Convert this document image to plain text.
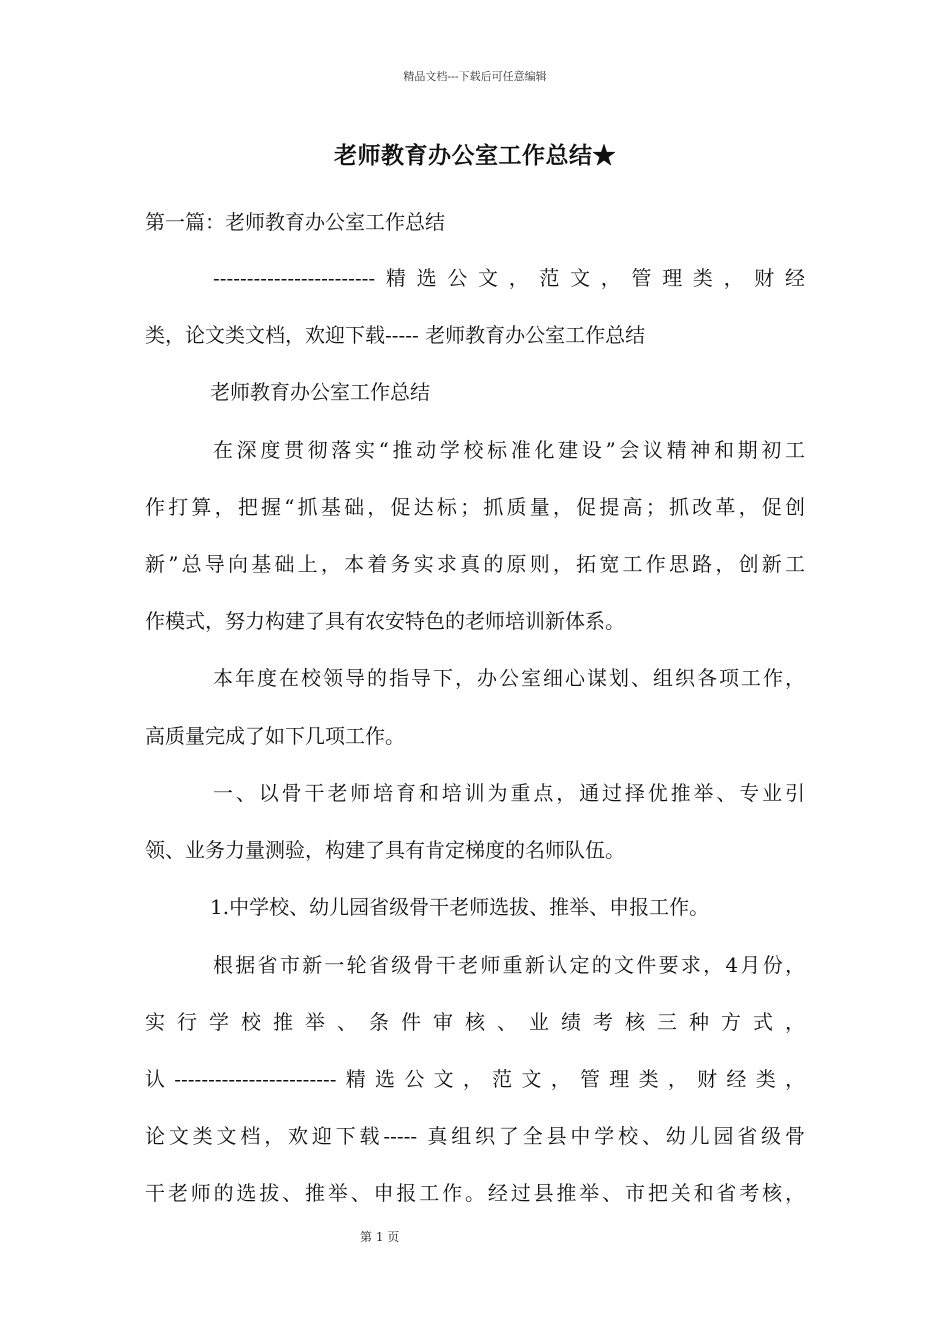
精品文档---下载后可任意编辑
老师教育办公室工作总结★
第一篇：老师教育办公室工作总结
------------------------精选公文，范文，管理类，财经
类，论文类文档，欢迎下载----- 老师教育办公室工作总结
老师教育办公室工作总结
在深度贯彻落实“推动学校标准化建设”会议精神和期初工
作打算，把握“抓基础，促达标；抓质量，促提高；抓改革，促创
新”总导向基础上，本着务实求真的原则，拓宽工作思路，创新工
作模式，努力构建了具有农安特色的老师培训新体系。
本年度在校领导的指导下，办公室细心谋划、组织各项工作，
高质量完成了如下几项工作。
一、以骨干老师培育和培训为重点，通过择优推举、专业引
领、业务力量测验，构建了具有肯定梯度的名师队伍。
1.中学校、幼儿园省级骨干老师选拔、推举、申报工作。
根据省市新一轮省级骨干老师重新认定的文件要求，4月份，
实行学校推举、条件审核、业绩考核三种方式，
认------------------------精选公文，范文，管理类，财经类，
论文类文档，欢迎下载----- 真组织了全县中学校、幼儿园省级骨
干老师的选拔、推举、申报工作。经过县推举、市把关和省考核，
第 1 页
